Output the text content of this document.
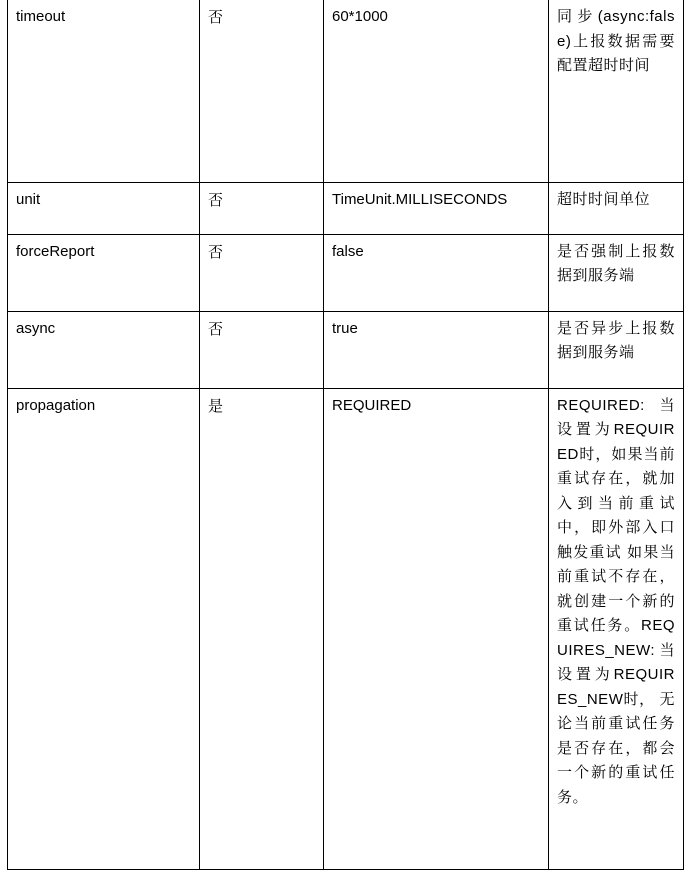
timeout	否	60*1000	同步(async:false)上报数据需要配置超时时间
unit	否	TimeUnit.MILLISECONDS	超时时间单位
forceReport	否	false	是否强制上报数据到服务端
async	否	true	是否异步上报数据到服务端
propagation	是	REQUIRED	REQUIRED: 当设置为REQUIRED时，如果当前重试存在，就加入到当前重试中，即外部入口触发重试 如果当前重试不存在，就创建一个新的重试任务。REQUIRES_NEW:当设置为REQUIRES_NEW时， 无论当前重试任务是否存在，都会一个新的重试任务。
